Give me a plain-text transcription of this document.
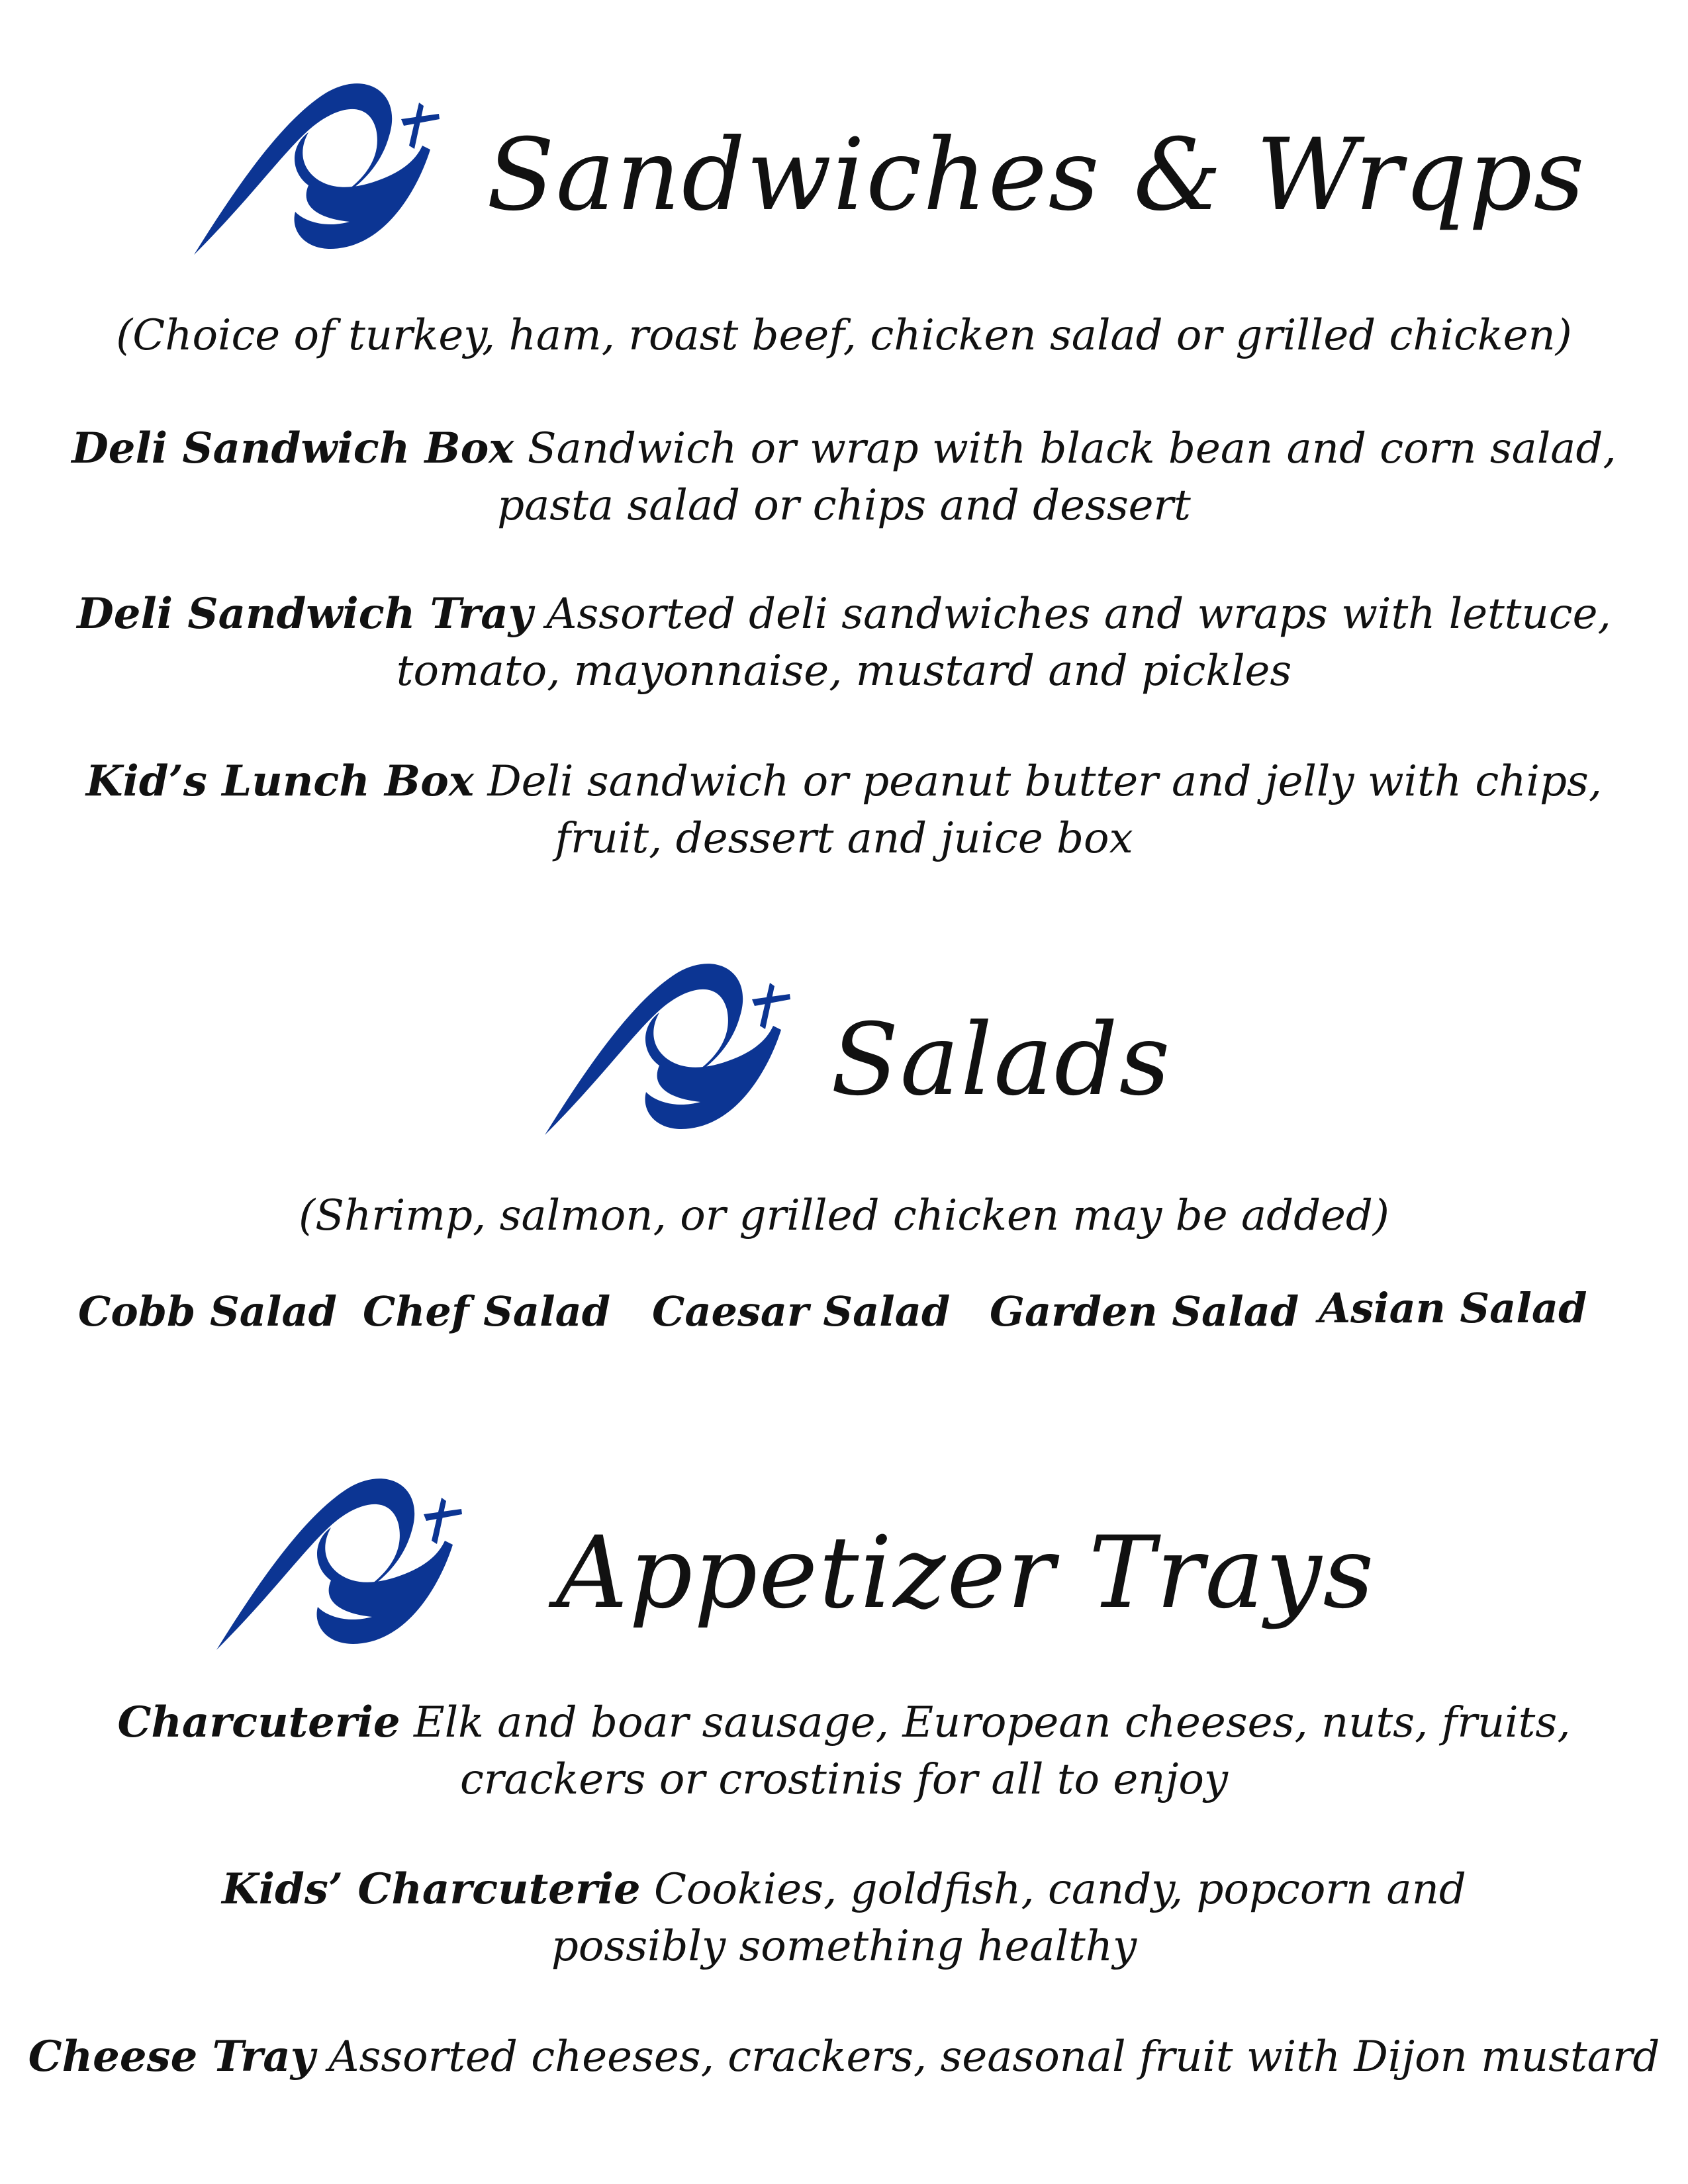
Sandwiches & Wrqps
(Choice of turkey, ham, roast beef, chicken salad or grilled chicken)
Deli Sandwich Box Sandwich or wrap with black bean and corn salad,
pasta salad or chips and dessert
Deli Sandwich Tray Assorted deli sandwiches and wraps with lettuce,
tomato, mayonnaise, mustard and pickles
Kid’s Lunch Box Deli sandwich or peanut butter and jelly with chips,
fruit, dessert and juice box
Salads
(Shrimp, salmon, or grilled chicken may be added)
Cobb Salad Chef Salad Caesar Salad Garden Salad Asian Salad
Appetizer Trays
Charcuterie Elk and boar sausage, European cheeses, nuts, fruits,
crackers or crostinis for all to enjoy
Kids’ Charcuterie Cookies, goldfish, candy, popcorn and
possibly something healthy
Cheese Tray Assorted cheeses, crackers, seasonal fruit with Dijon mustard
